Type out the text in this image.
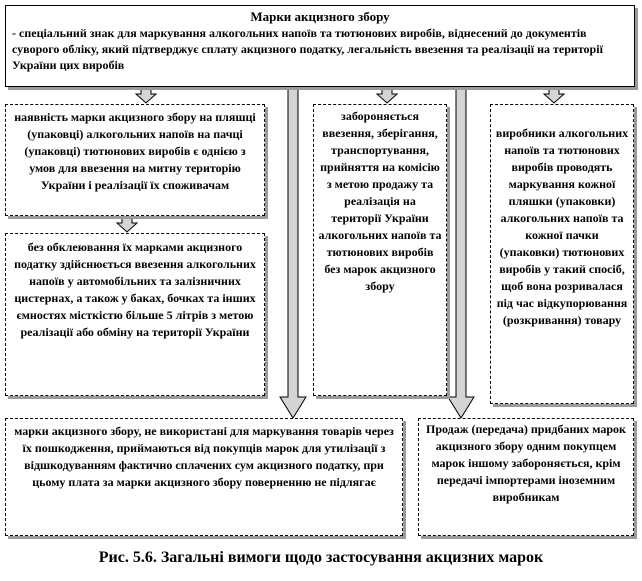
Марки акцизного збору
- спеціальний знак для маркування алкогольних напоїв та тютюнових виробів, віднесений до документів суворого обліку, який підтверджує сплату акцизного податку, легальність ввезення та реалізації на території України цих виробів
наявність марки акцизного збору на пляшці (упаковці) алкогольних напоїв на пачці (упаковці) тютюнових виробів є однією з умов для ввезення на митну територію України і реалізації їх споживачам
без обклеювання їх марками акцизного податку здійснюється ввезення алкогольних напоїв у автомобільних та залізничних цистернах, а також у баках, бочках та інших ємностях місткістю більше 5 літрів з метою реалізації або обміну на території України
забороняється ввезення, зберігання, транспортування, прийняття на комісію з метою продажу та реалізація на території України алкогольних напоїв та тютюнових виробів без марок акцизного збору
виробники алкогольних напоїв та тютюнових виробів проводять маркування кожної пляшки (упаковки) алкогольних напоїв та кожної пачки (упаковки) тютюнових виробів у такий спосіб, щоб вона розривалася під час відкупорювання (розкривання) товару
марки акцизного збору, не використані для маркування товарів через їх пошкодження, приймаються від покупців марок для утилізації з відшкодуванням фактично сплачених сум акцизного податку, при цьому плата за марки акцизного збору поверненню не підлягає
Продаж (передача) придбаних марок акцизного збору одним покупцем марок іншому забороняється, крім передачі імпортерами іноземним виробникам
Рис. 5.6. Загальні вимоги щодо застосування акцизних марок
